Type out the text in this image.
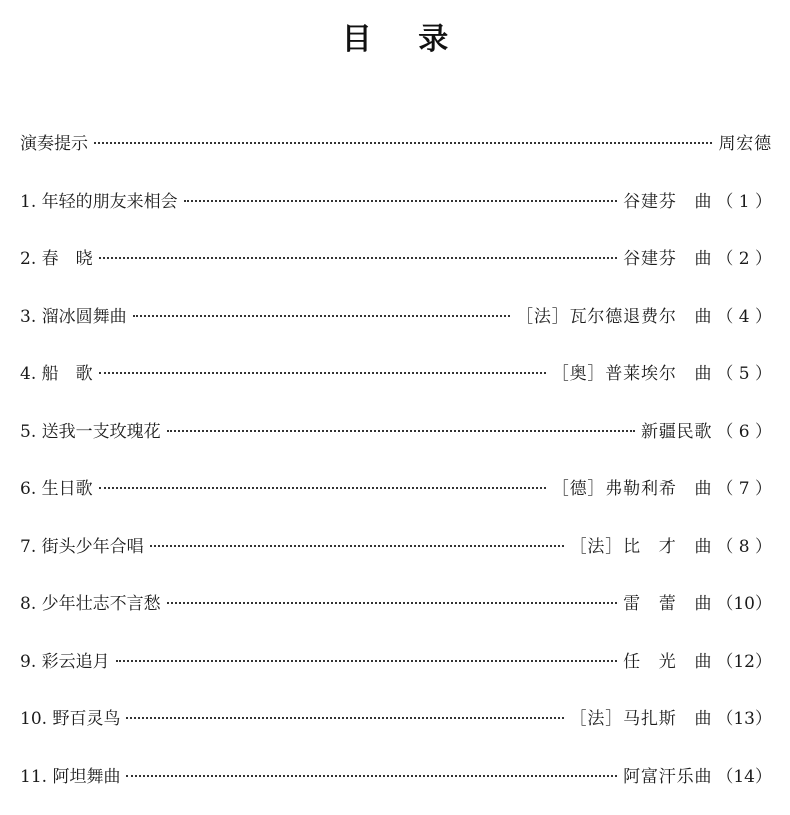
目 录
演奏提示	周宏德
1. 年轻的朋友来相会	谷建芬　曲 （ 1 ）
2. 春　晓	谷建芬　曲 （ 2 ）
3. 溜冰圆舞曲	［法］瓦尔德退费尔　曲 （ 4 ）
4. 船　歌	［奥］普莱埃尔　曲 （ 5 ）
5. 送我一支玫瑰花	新疆民歌 （ 6 ）
6. 生日歌	［德］弗勒利希　曲 （ 7 ）
7. 街头少年合唱	［法］比　才　曲 （ 8 ）
8. 少年壮志不言愁	雷　蕾　曲 （10）
9. 彩云追月	任　光　曲 （12）
10. 野百灵鸟	［法］马扎斯　曲 （13）
11. 阿坦舞曲	阿富汗乐曲 （14）
